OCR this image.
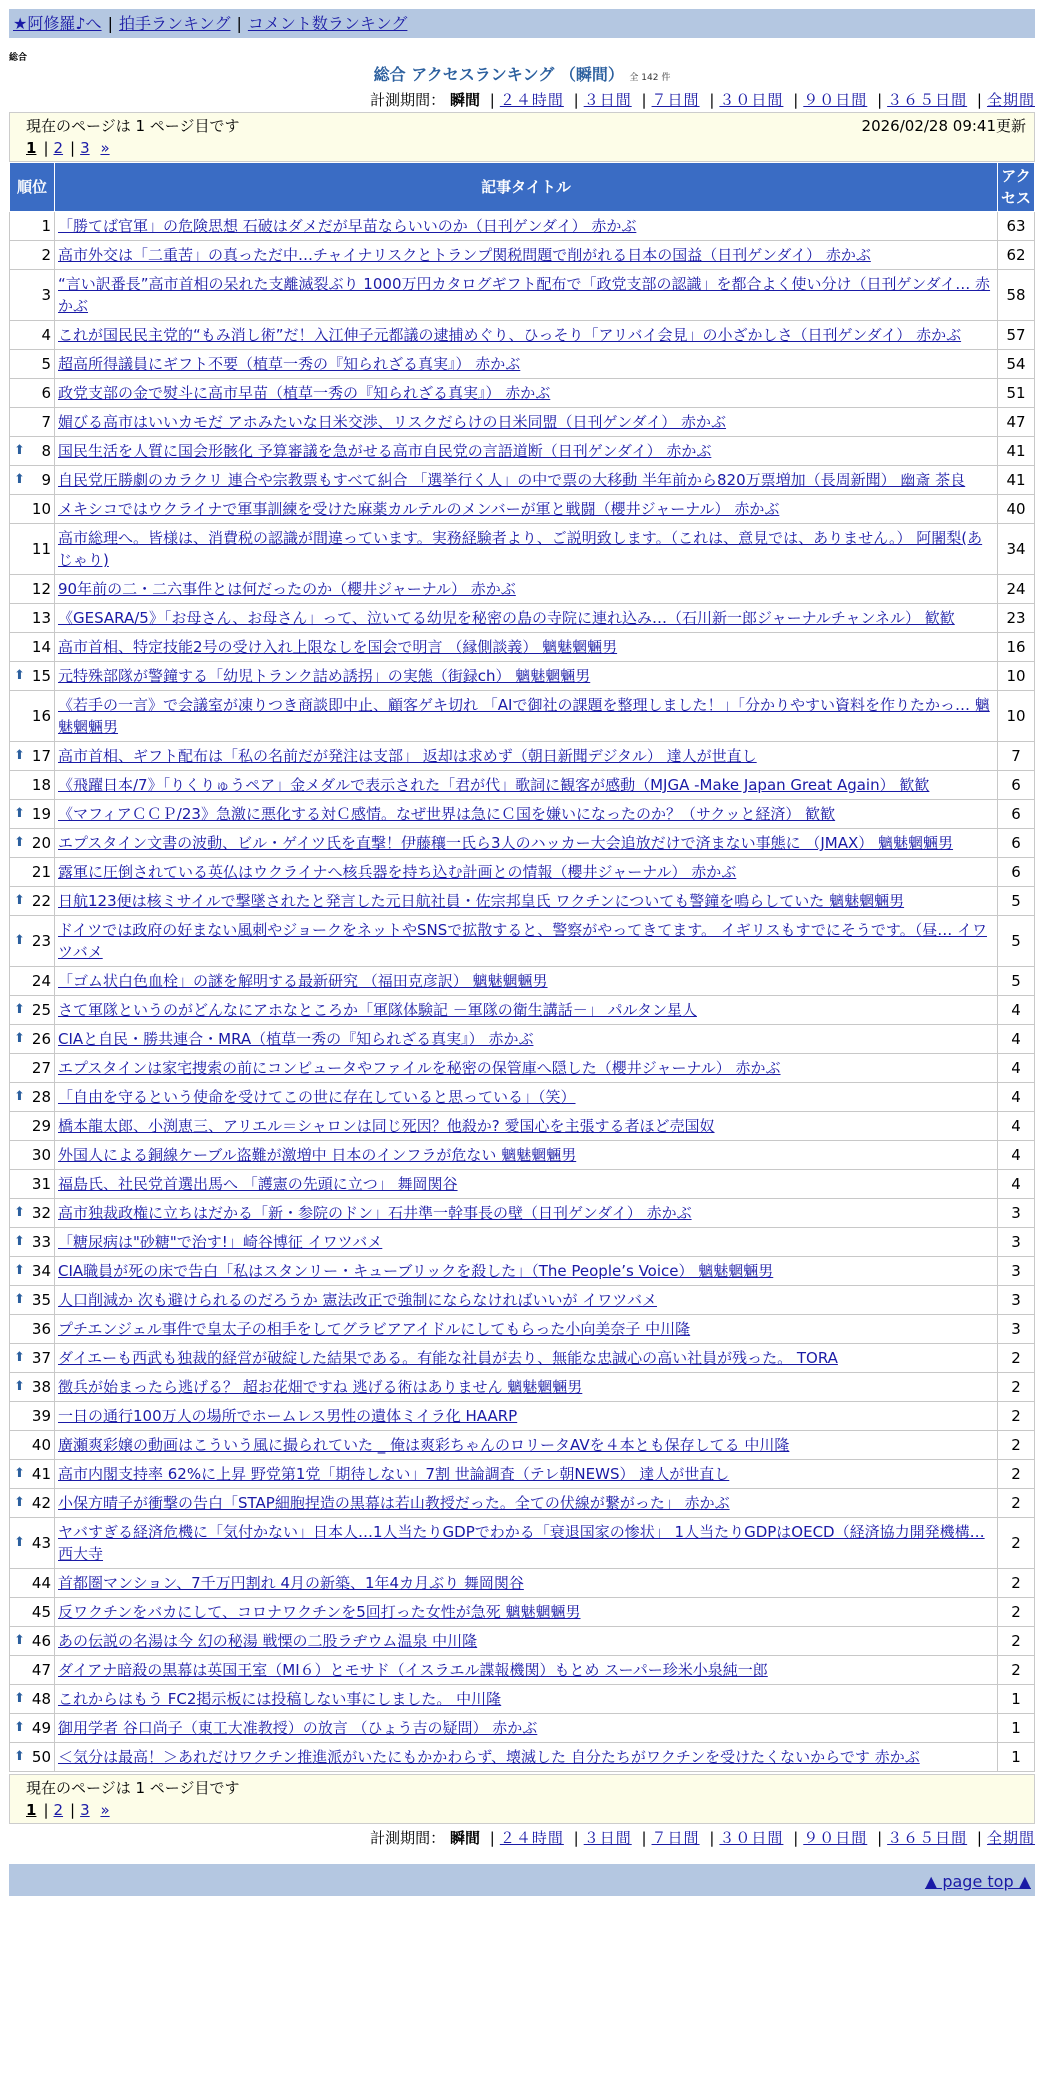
★阿修羅♪へ | 拍手ランキング | コメント数ランキング
総合
総合 アクセスランキング （瞬間） 全 142 件
計測期間： 瞬間 | ２４時間 | ３日間 | ７日間 | ３０日間 | ９０日間 | ３６５日間 | 全期間
現在のページは 1 ページ目です	2026/02/28 09:41更新
1 | 2 | 3 »
順位	記事タイトル	アクセス
1	「勝てば官軍」の危険思想 石破はダメだが早苗ならいいのか（日刊ゲンダイ） 赤かぶ	63
2	高市外交は「二重苦」の真っただ中…チャイナリスクとトランプ関税問題で削がれる日本の国益（日刊ゲンダイ） 赤かぶ	62
3	“言い訳番長”高市首相の呆れた支離滅裂ぶり 1000万円カタログギフト配布で「政党支部の認識」を都合よく使い分け（日刊ゲンダイ… 赤かぶ	58
4	これが国民民主党的“もみ消し術”だ！入江伸子元都議の逮捕めぐり、ひっそり「アリバイ会見」の小ざかしさ（日刊ゲンダイ） 赤かぶ	57
5	超高所得議員にギフト不要（植草一秀の『知られざる真実』） 赤かぶ	54
6	政党支部の金で熨斗に高市早苗（植草一秀の『知られざる真実』） 赤かぶ	51
7	媚びる高市はいいカモだ アホみたいな日米交渉、リスクだらけの日米同盟（日刊ゲンダイ） 赤かぶ	47

⬆ 8	国民生活を人質に国会形骸化 予算審議を急がせる高市自民党の言語道断（日刊ゲンダイ） 赤かぶ	41

⬆ 9	自民党圧勝劇のカラクリ 連合や宗教票もすべて糾合 「選挙行く人」の中で票の大移動 半年前から820万票増加（長周新聞） 幽斎 茶良	41
10	メキシコではウクライナで軍事訓練を受けた麻薬カルテルのメンバーが軍と戦闘（櫻井ジャーナル） 赤かぶ	40
11	高市総理へ。皆様は、消費税の認識が間違っています。実務経験者より、ご説明致します。（これは、意見では、ありません。） 阿闍梨(あじゃり)	34
12	90年前の二・二六事件とは何だったのか（櫻井ジャーナル） 赤かぶ	24
13	《GESARA/5》「お母さん、お母さん」って、泣いてる幼児を秘密の島の寺院に連れ込み…（石川新一郎ジャーナルチャンネル） 歓歓	23
14	高市首相、特定技能2号の受け入れ上限なしを国会で明言 （縁側談義） 魑魅魍魎男	16

⬆ 15	元特殊部隊が警鐘する「幼児トランク詰め誘拐」の実態（街録ch） 魑魅魍魎男	10
16	《若手の一言》で会議室が凍りつき商談即中止、顧客ゲキ切れ 「AIで御社の課題を整理しました！」「分かりやすい資料を作りたかっ… 魑魅魍魎男	10

⬆ 17	高市首相、ギフト配布は「私の名前だが発注は支部」 返却は求めず（朝日新聞デジタル） 達人が世直し	7
18	《飛躍日本/7》「りくりゅうペア」金メダルで表示された「君が代」歌詞に観客が感動（MJGA -Make Japan Great Again） 歓歓	6

⬆ 19	《マフィアＣＣＰ/23》急激に悪化する対Ｃ感情。なぜ世界は急にＣ国を嫌いになったのか？（サクッと経済） 歓歓	6

⬆ 20	エプスタイン文書の波動、ビル・ゲイツ氏を直撃！伊藤穰一氏ら3人のハッカー大会追放だけで済まない事態に （JMAX） 魑魅魍魎男	6
21	露軍に圧倒されている英仏はウクライナへ核兵器を持ち込む計画との情報（櫻井ジャーナル） 赤かぶ	6

⬆ 22	日航123便は核ミサイルで撃墜されたと発言した元日航社員・佐宗邦皇氏 ワクチンについても警鐘を鳴らしていた 魑魅魍魎男	5

⬆ 23	ドイツでは政府の好まない風刺やジョークをネットやSNSで拡散すると、警察がやってきてます。 イギリスもすでにそうです。（昼… イワツバメ	5
24	「ゴム状白色血栓」の謎を解明する最新研究 （福田克彦訳） 魑魅魍魎男	5

⬆ 25	さて軍隊というのがどんなにアホなところか「軍隊体験記 －軍隊の衛生講話－」 パルタン星人	4

⬆ 26	CIAと自民・勝共連合・MRA（植草一秀の『知られざる真実』） 赤かぶ	4
27	エプスタインは家宅捜索の前にコンピュータやファイルを秘密の保管庫へ隠した（櫻井ジャーナル） 赤かぶ	4

⬆ 28	「自由を守るという使命を受けてこの世に存在していると思っている」（笑）	4
29	橋本龍太郎、小渕恵三、アリエル＝シャロンは同じ死因？他殺か? 愛国心を主張する者ほど売国奴	4
30	外国人による銅線ケーブル盗難が激増中 日本のインフラが危ない 魑魅魍魎男	4
31	福島氏、社民党首選出馬へ 「護憲の先頭に立つ」 舞岡関谷	4

⬆ 32	高市独裁政権に立ちはだかる「新・参院のドン」石井準一幹事長の壁（日刊ゲンダイ） 赤かぶ	3

⬆ 33	「糖尿病は"砂糖"で治す!」崎谷博征 イワツバメ	3

⬆ 34	CIA職員が死の床で告白「私はスタンリー・キューブリックを殺した」（The People’s Voice） 魑魅魍魎男	3

⬆ 35	人口削減か 次も避けられるのだろうか 憲法改正で強制にならなければいいが イワツバメ	3
36	プチエンジェル事件で皇太子の相手をしてグラビアアイドルにしてもらった小向美奈子 中川隆	3

⬆ 37	ダイエーも西武も独裁的経営が破綻した結果である。有能な社員が去り、無能な忠誠心の高い社員が残った。 TORA	2

⬆ 38	徴兵が始まったら逃げる？ 超お花畑ですね 逃げる術はありません 魑魅魍魎男	2
39	一日の通行100万人の場所でホームレス男性の遺体ミイラ化 HAARP	2
40	廣瀬爽彩嬢の動画はこういう風に撮られていた _ 俺は爽彩ちゃんのロリータAVを４本とも保存してる 中川隆	2

⬆ 41	高市内閣支持率 62%に上昇 野党第1党「期待しない」7割 世論調査（テレ朝NEWS） 達人が世直し	2

⬆ 42	小保方晴子が衝撃の告白「STAP細胞捏造の黒幕は若山教授だった。全ての伏線が繋がった」 赤かぶ	2

⬆ 43	ヤバすぎる経済危機に「気付かない」日本人…1人当たりGDPでわかる「衰退国家の惨状」 1人当たりGDPはOECD（経済協力開発機構… 西大寺	2
44	首都圏マンション、7千万円割れ 4月の新築、1年4カ月ぶり 舞岡関谷	2
45	反ワクチンをバカにして、コロナワクチンを5回打った女性が急死 魑魅魍魎男	2

⬆ 46	あの伝説の名湯は今 幻の秘湯 戦慄の二股ラヂウム温泉 中川隆	2
47	ダイアナ暗殺の黒幕は英国王室（MI６）とモサド（イスラエル諜報機関）もとめ スーパー珍米小泉純一郎	2

⬆ 48	これからはもう FC2掲示板には投稿しない事にしました。 中川隆	1

⬆ 49	御用学者 谷口尚子（東工大准教授）の放言 （ひょう吉の疑問） 赤かぶ	1

⬆ 50	＜気分は最高！＞あれだけワクチン推進派がいたにもかかわらず、壊滅した 自分たちがワクチンを受けたくないからです 赤かぶ	1
現在のページは 1 ページ目です
1 | 2 | 3 »
計測期間： 瞬間 | ２４時間 | ３日間 | ７日間 | ３０日間 | ９０日間 | ３６５日間 | 全期間
▲ page top ▲
